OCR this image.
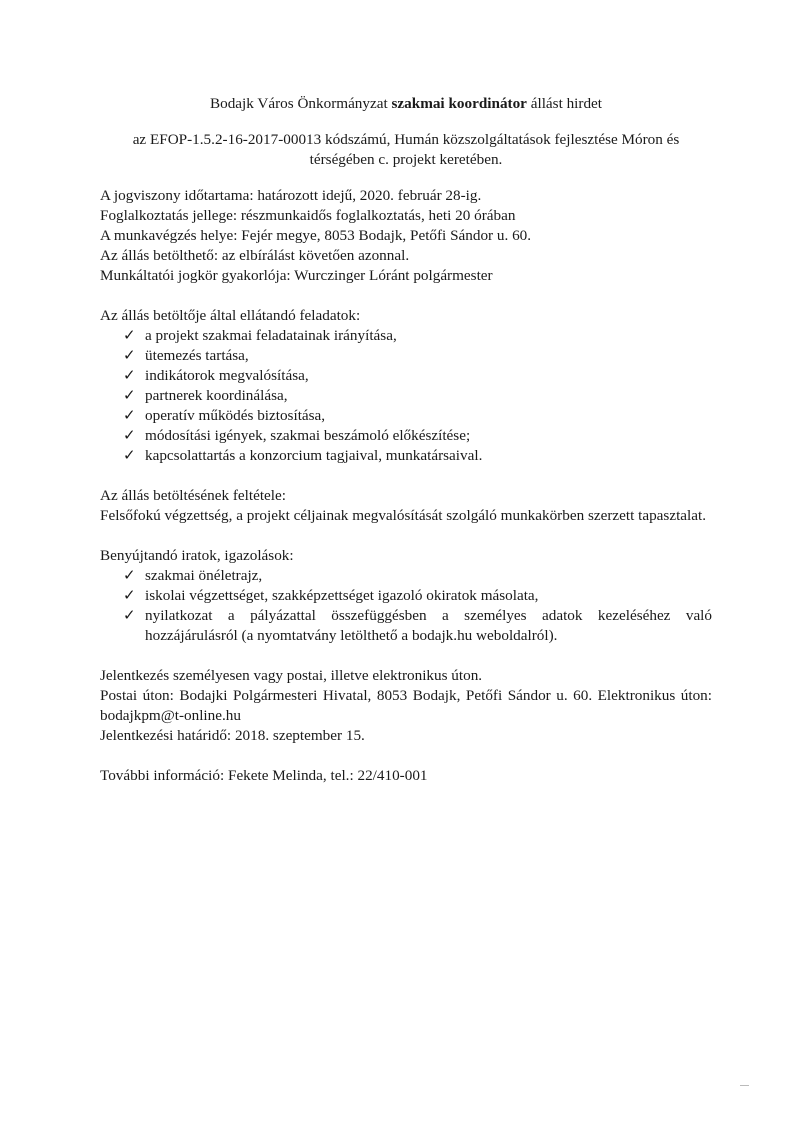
Bodajk Város Önkormányzat szakmai koordinátor állást hirdet

az EFOP-1.5.2-16-2017-00013 kódszámú, Humán közszolgáltatások fejlesztése Móron és térségében c. projekt keretében.

A jogviszony időtartama: határozott idejű, 2020. február 28-ig.
Foglalkoztatás jellege: részmunkaidős foglalkoztatás, heti 20 órában
A munkavégzés helye: Fejér megye, 8053 Bodajk, Petőfi Sándor u. 60.
Az állás betölthető: az elbírálást követően azonnal.
Munkáltatói jogkör gyakorlója: Wurczinger Lóránt polgármester
Az állás betöltője által ellátandó feladatok:
✓ a projekt szakmai feladatainak irányítása,
✓ ütemezés tartása,
✓ indikátorok megvalósítása,
✓ partnerek koordinálása,
✓ operatív működés biztosítása,
✓ módosítási igények, szakmai beszámoló előkészítése;
✓ kapcsolattartás a konzorcium tagjaival, munkatársaival.
Az állás betöltésének feltétele:
Felsőfokú végzettség, a projekt céljainak megvalósítását szolgáló munkakörben szerzett tapasztalat.
Benyújtandó iratok, igazolások:
✓ szakmai önéletrajz,
✓ iskolai végzettséget, szakképzettséget igazoló okiratok másolata,
✓ nyilatkozat a pályázattal összefüggésben a személyes adatok kezeléséhez való hozzájárulásról (a nyomtatvány letölthető a bodajk.hu weboldalról).
Jelentkezés személyesen vagy postai, illetve elektronikus úton.
Postai úton: Bodajki Polgármesteri Hivatal, 8053 Bodajk, Petőfi Sándor u. 60. Elektronikus úton: bodajkpm@t-online.hu
Jelentkezési határidő: 2018. szeptember 15.
További információ: Fekete Melinda, tel.: 22/410-001
